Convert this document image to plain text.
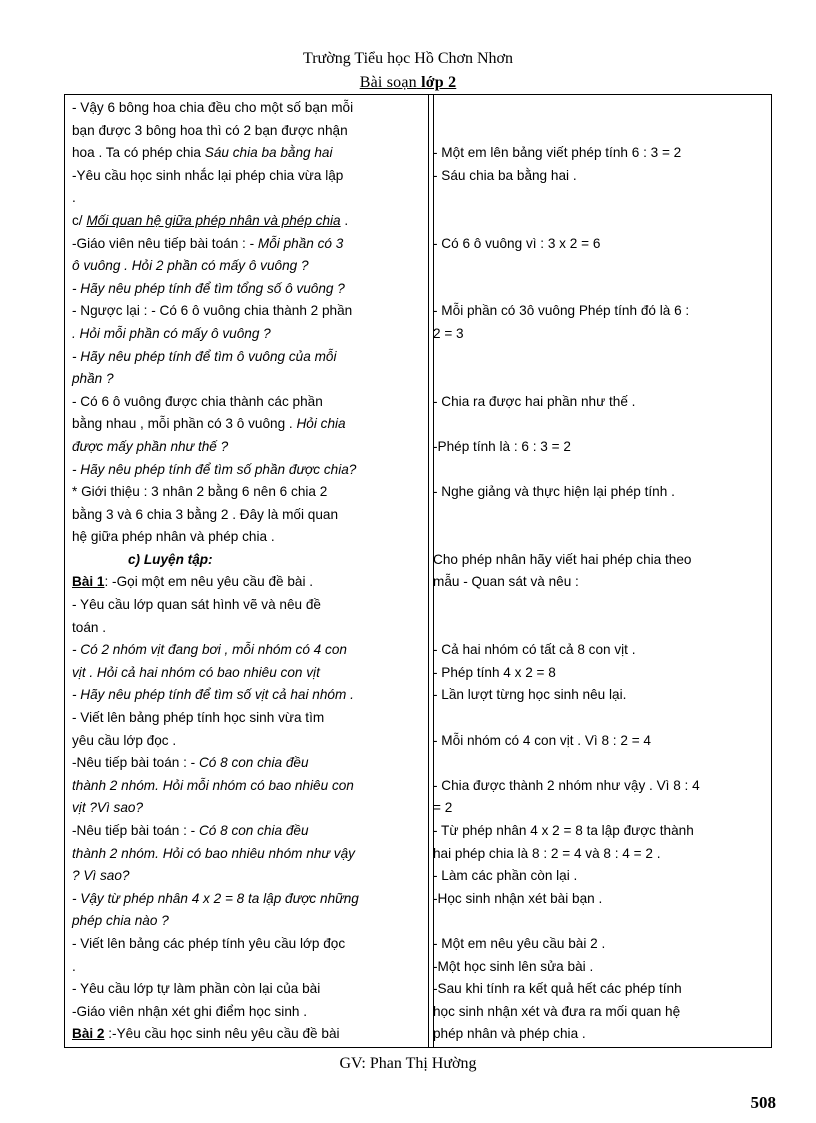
Trường Tiểu học Hồ Chơn Nhơn
Bài soạn lớp 2
- Vậy 6 bông hoa chia đều cho một số bạn mỗi
bạn được 3 bông hoa thì có 2 bạn được nhận
hoa . Ta có phép chia Sáu chia ba bằng hai
-Yêu cầu học sinh nhắc lại phép chia vừa lập
.
c/ Mối quan hệ giữa phép nhân và phép chia .
-Giáo viên nêu tiếp bài toán : - Mỗi phần có 3
ô vuông . Hỏi 2 phần có mấy ô vuông ?
- Hãy nêu phép tính để tìm tổng số ô vuông ?
- Ngược lại : - Có 6 ô vuông chia thành 2 phần
. Hỏi mỗi phần có mấy ô vuông ?
- Hãy nêu phép tính để tìm ô vuông của mỗi
phần ?
- Có 6 ô vuông được chia thành các phần
bằng nhau , mỗi phần có 3 ô vuông . Hỏi chia
được mấy phần như thế ?
- Hãy nêu phép tính để tìm số phần được chia?
* Giới thiệu : 3 nhân 2 bằng 6 nên 6 chia 2
bằng 3 và 6 chia 3 bằng 2 . Đây là mối quan
hệ giữa phép nhân và phép chia .
c) Luyện tập:
Bài 1: -Gọi một em nêu yêu cầu đề bài .
- Yêu cầu lớp quan sát hình vẽ và nêu đề
toán .
- Có 2 nhóm vịt đang bơi , mỗi nhóm có 4 con
vịt . Hỏi cả hai nhóm có bao nhiêu con vịt
- Hãy nêu phép tính để tìm số vịt cả hai nhóm .
- Viết lên bảng phép tính học sinh vừa tìm
yêu cầu lớp đọc .
-Nêu tiếp bài toán : - Có 8 con chia đều
thành 2 nhóm. Hỏi mỗi nhóm có bao nhiêu con
vịt ?Vì sao?
-Nêu tiếp bài toán : - Có 8 con chia đều
thành 2 nhóm. Hỏi có bao nhiêu nhóm như vậy
? Vì sao?
- Vậy từ phép nhân 4 x 2 = 8 ta lập được những
phép chia nào ?
- Viết lên bảng các phép tính yêu cầu lớp đọc
.
- Yêu cầu lớp tự làm phần còn lại của bài
-Giáo viên nhận xét ghi điểm học sinh .
Bài 2 :-Yêu cầu học sinh nêu yêu cầu đề bài
- Một em lên bảng viết phép tính 6 : 3 = 2
- Sáu chia ba bằng hai .
- Có 6 ô vuông vì : 3 x 2 = 6
- Mỗi phần có 3ô vuông Phép tính đó là 6 :
2 = 3
- Chia ra được hai phần như thế .
-Phép tính là : 6 : 3 = 2
- Nghe giảng và thực hiện lại phép tính .
Cho phép nhân hãy viết hai phép chia theo
mẫu - Quan sát và nêu :
- Cả hai nhóm có tất cả 8 con vịt .
- Phép tính 4 x 2 = 8
- Lần lượt từng học sinh nêu lại.
- Mỗi nhóm có 4 con vịt . Vì 8 : 2 = 4
- Chia được thành 2 nhóm như vậy . Vì 8 : 4
= 2
- Từ phép nhân 4 x 2 = 8 ta lập được thành
hai phép chia là 8 : 2 = 4 và 8 : 4 = 2 .
- Làm các phần còn lại .
-Học sinh nhận xét bài bạn .
- Một em nêu yêu cầu bài 2 .
-Một học sinh lên sửa bài .
-Sau khi tính ra kết quả hết các phép tính
học sinh nhận xét và đưa ra mối quan hệ
phép nhân và phép chia .
GV: Phan Thị Hường
508
